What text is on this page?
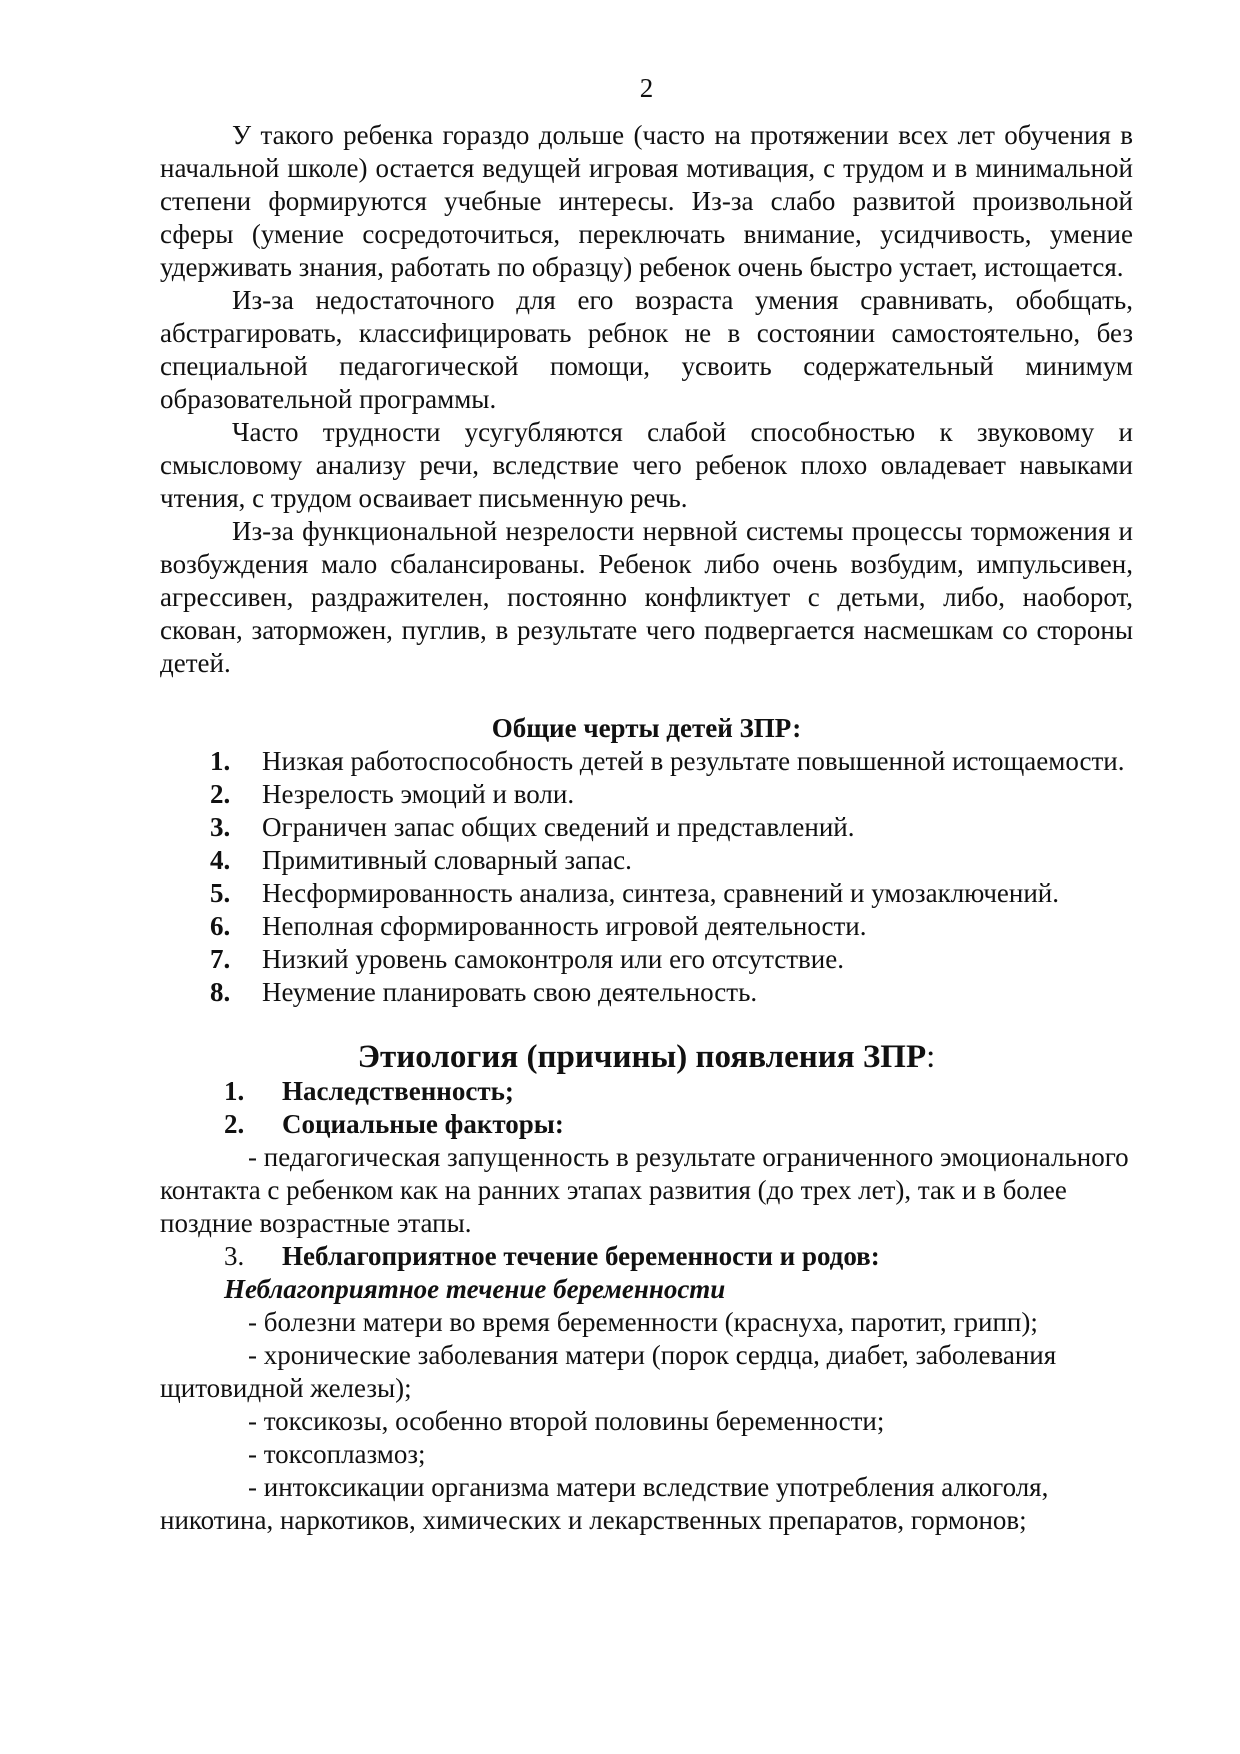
2

У такого ребенка гораздо дольше (часто на протяжении всех лет обучения в начальной школе) остается ведущей игровая мотивация, с трудом и в минимальной степени формируются учебные интересы. Из-за слабо развитой произвольной сферы (умение сосредоточиться, переключать внимание, усидчивость, умение удерживать знания, работать по образцу) ребенок очень быстро устает, истощается.

Из-за недостаточного для его возраста умения сравнивать, обобщать, абстрагировать, классифицировать ребнок не в состоянии самостоятельно, без специальной педагогической помощи, усвоить содержательный минимум образовательной программы.

Часто трудности усугубляются слабой способностью к звуковому и смысловому анализу речи, вследствие чего ребенок плохо овладевает навыками чтения, с трудом осваивает письменную речь.

Из-за функциональной незрелости нервной системы процессы торможения и возбуждения мало сбалансированы. Ребенок либо очень возбудим, импульсивен, агрессивен, раздражителен, постоянно конфликтует с детьми, либо, наоборот, скован, заторможен, пуглив, в результате чего подвергается насмешкам со стороны детей.

Общие черты детей ЗПР:
1.	Низкая работоспособность детей в результате повышенной истощаемости.
2.	Незрелость эмоций и воли.
3.	Ограничен запас общих сведений и представлений.
4.	Примитивный словарный запас.
5.	Несформированность анализа, синтеза, сравнений и умозаключений.
6.	Неполная сформированность игровой деятельности.
7.	Низкий уровень самоконтроля или его отсутствие.
8.	Неумение планировать свою деятельность.
Этиология (причины) появления ЗПР:
1.	Наследственность;
2.	Социальные факторы:

- педагогическая запущенность в результате ограниченного эмоционального контакта с ребенком как на ранних этапах развития (до трех лет), так и в более поздние возрастные этапы.

3.	Неблагоприятное течение беременности и родов:
Неблагоприятное течение беременности

- болезни матери во время беременности (краснуха, паротит, грипп);

- хронические заболевания матери (порок сердца, диабет, заболевания щитовидной железы);

- токсикозы, особенно второй половины беременности;

- токсоплазмоз;

- интоксикации организма матери вследствие употребления алкоголя, никотина, наркотиков, химических и лекарственных препаратов, гормонов;
